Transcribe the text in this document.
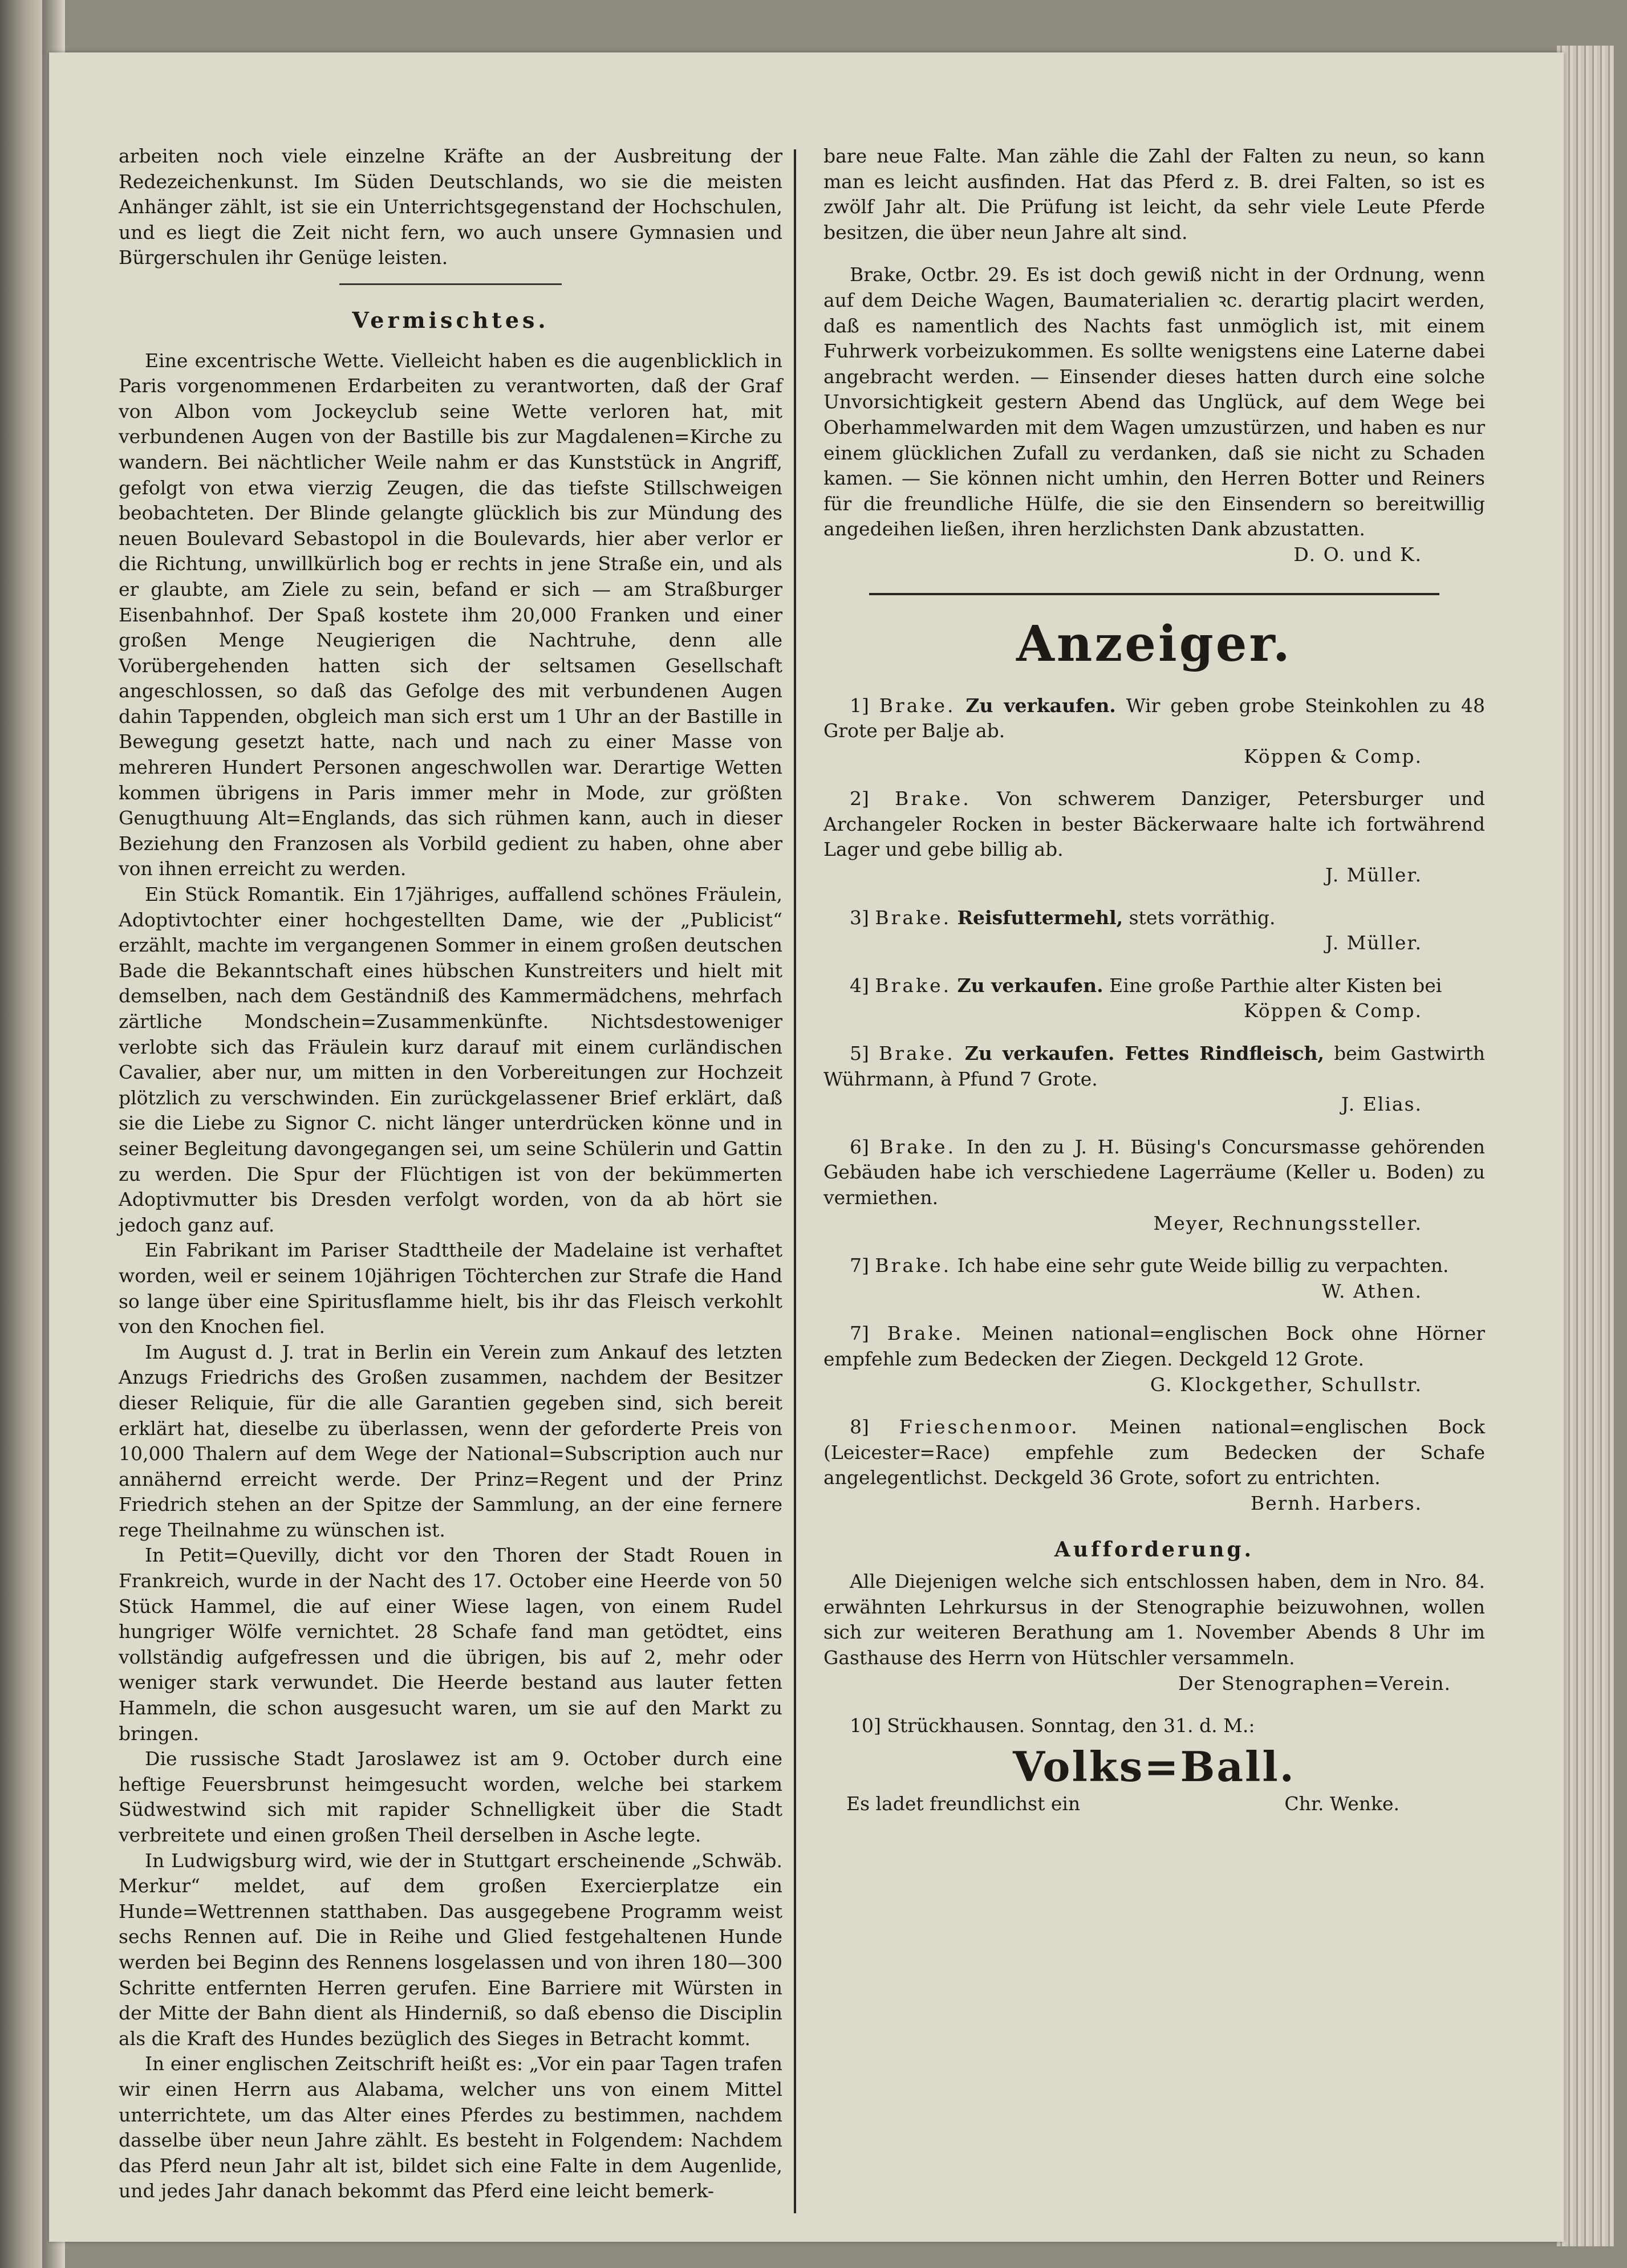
arbeiten noch viele einzelne Kräfte an der Ausbreitung der Redezeichenkunst. Im Süden Deutschlands, wo sie die meisten Anhänger zählt, ist sie ein Unterrichtsgegenstand der Hochschulen, und es liegt die Zeit nicht fern, wo auch unsere Gymnasien und Bürgerschulen ihr Genüge leisten.

Vermischtes.

Eine excentrische Wette. Vielleicht haben es die augenblicklich in Paris vorgenommenen Erdarbeiten zu verantworten, daß der Graf von Albon vom Jockeyclub seine Wette verloren hat, mit verbundenen Augen von der Bastille bis zur Magdalenen=Kirche zu wandern. Bei nächtlicher Weile nahm er das Kunststück in Angriff, gefolgt von etwa vierzig Zeugen, die das tiefste Stillschweigen beobachteten. Der Blinde gelangte glücklich bis zur Mündung des neuen Boulevard Sebastopol in die Boulevards, hier aber verlor er die Richtung, unwillkürlich bog er rechts in jene Straße ein, und als er glaubte, am Ziele zu sein, befand er sich — am Straßburger Eisenbahnhof. Der Spaß kostete ihm 20,000 Franken und einer großen Menge Neugierigen die Nachtruhe, denn alle Vorübergehenden hatten sich der seltsamen Gesellschaft angeschlossen, so daß das Gefolge des mit verbundenen Augen dahin Tappenden, obgleich man sich erst um 1 Uhr an der Bastille in Bewegung gesetzt hatte, nach und nach zu einer Masse von mehreren Hundert Personen angeschwollen war. Derartige Wetten kommen übrigens in Paris immer mehr in Mode, zur größten Genugthuung Alt=Englands, das sich rühmen kann, auch in dieser Beziehung den Franzosen als Vorbild gedient zu haben, ohne aber von ihnen erreicht zu werden.

Ein Stück Romantik. Ein 17jähriges, auffallend schönes Fräulein, Adoptivtochter einer hochgestellten Dame, wie der „Publicist“ erzählt, machte im vergangenen Sommer in einem großen deutschen Bade die Bekanntschaft eines hübschen Kunstreiters und hielt mit demselben, nach dem Geständniß des Kammermädchens, mehrfach zärtliche Mondschein=Zusammenkünfte. Nichtsdestoweniger verlobte sich das Fräulein kurz darauf mit einem curländischen Cavalier, aber nur, um mitten in den Vorbereitungen zur Hochzeit plötzlich zu verschwinden. Ein zurückgelassener Brief erklärt, daß sie die Liebe zu Signor C. nicht länger unterdrücken könne und in seiner Begleitung davongegangen sei, um seine Schülerin und Gattin zu werden. Die Spur der Flüchtigen ist von der bekümmerten Adoptivmutter bis Dresden verfolgt worden, von da ab hört sie jedoch ganz auf.

Ein Fabrikant im Pariser Stadttheile der Madelaine ist verhaftet worden, weil er seinem 10jährigen Töchterchen zur Strafe die Hand so lange über eine Spiritusflamme hielt, bis ihr das Fleisch verkohlt von den Knochen fiel.

Im August d. J. trat in Berlin ein Verein zum Ankauf des letzten Anzugs Friedrichs des Großen zusammen, nachdem der Besitzer dieser Reliquie, für die alle Garantien gegeben sind, sich bereit erklärt hat, dieselbe zu überlassen, wenn der geforderte Preis von 10,000 Thalern auf dem Wege der National=Subscription auch nur annähernd erreicht werde. Der Prinz=Regent und der Prinz Friedrich stehen an der Spitze der Sammlung, an der eine fernere rege Theilnahme zu wünschen ist.

In Petit=Quevilly, dicht vor den Thoren der Stadt Rouen in Frankreich, wurde in der Nacht des 17. October eine Heerde von 50 Stück Hammel, die auf einer Wiese lagen, von einem Rudel hungriger Wölfe vernichtet. 28 Schafe fand man getödtet, eins vollständig aufgefressen und die übrigen, bis auf 2, mehr oder weniger stark verwundet. Die Heerde bestand aus lauter fetten Hammeln, die schon ausgesucht waren, um sie auf den Markt zu bringen.

Die russische Stadt Jaroslawez ist am 9. October durch eine heftige Feuersbrunst heimgesucht worden, welche bei starkem Südwestwind sich mit rapider Schnelligkeit über die Stadt verbreitete und einen großen Theil derselben in Asche legte.

In Ludwigsburg wird, wie der in Stuttgart erscheinende „Schwäb. Merkur“ meldet, auf dem großen Exercierplatze ein Hunde=Wettrennen statthaben. Das ausgegebene Programm weist sechs Rennen auf. Die in Reihe und Glied festgehaltenen Hunde werden bei Beginn des Rennens losgelassen und von ihren 180—300 Schritte entfernten Herren gerufen. Eine Barriere mit Würsten in der Mitte der Bahn dient als Hinderniß, so daß ebenso die Disciplin als die Kraft des Hundes bezüglich des Sieges in Betracht kommt.

In einer englischen Zeitschrift heißt es: „Vor ein paar Tagen trafen wir einen Herrn aus Alabama, welcher uns von einem Mittel unterrichtete, um das Alter eines Pferdes zu bestimmen, nachdem dasselbe über neun Jahre zählt. Es besteht in Folgendem: Nachdem das Pferd neun Jahr alt ist, bildet sich eine Falte in dem Augenlide, und jedes Jahr danach bekommt das Pferd eine leicht bemerk-

bare neue Falte. Man zähle die Zahl der Falten zu neun, so kann man es leicht ausfinden. Hat das Pferd z. B. drei Falten, so ist es zwölf Jahr alt. Die Prüfung ist leicht, da sehr viele Leute Pferde besitzen, die über neun Jahre alt sind.

Brake, Octbr. 29. Es ist doch gewiß nicht in der Ordnung, wenn auf dem Deiche Wagen, Baumaterialien ꝛc. derartig placirt werden, daß es namentlich des Nachts fast unmöglich ist, mit einem Fuhrwerk vorbeizukommen. Es sollte wenigstens eine Laterne dabei angebracht werden. — Einsender dieses hatten durch eine solche Unvorsichtigkeit gestern Abend das Unglück, auf dem Wege bei Oberhammelwarden mit dem Wagen umzustürzen, und haben es nur einem glücklichen Zufall zu verdanken, daß sie nicht zu Schaden kamen. — Sie können nicht umhin, den Herren Botter und Reiners für die freundliche Hülfe, die sie den Einsendern so bereitwillig angedeihen ließen, ihren herzlichsten Dank abzustatten.

D. O. und K.

Anzeiger.

1] Brake. Zu verkaufen. Wir geben grobe Steinkohlen zu 48 Grote per Balje ab.

Köppen & Comp.

2] Brake. Von schwerem Danziger, Petersburger und Archangeler Rocken in bester Bäckerwaare halte ich fortwährend Lager und gebe billig ab.

J. Müller.

3] Brake. Reisfuttermehl, stets vorräthig.

J. Müller.

4] Brake. Zu verkaufen. Eine große Parthie alter Kisten bei

Köppen & Comp.

5] Brake. Zu verkaufen. Fettes Rindfleisch, beim Gastwirth Wührmann, à Pfund 7 Grote.

J. Elias.

6] Brake. In den zu J. H. Büsing's Concursmasse gehörenden Gebäuden habe ich verschiedene Lagerräume (Keller u. Boden) zu vermiethen.

Meyer, Rechnungssteller.

7] Brake. Ich habe eine sehr gute Weide billig zu verpachten.

W. Athen.

7] Brake. Meinen national=englischen Bock ohne Hörner empfehle zum Bedecken der Ziegen. Deckgeld 12 Grote.

G. Klockgether, Schullstr.

8] Frieschenmoor. Meinen national=englischen Bock (Leicester=Race) empfehle zum Bedecken der Schafe angelegentlichst. Deckgeld 36 Grote, sofort zu entrichten.

Bernh. Harbers.

Aufforderung.

Alle Diejenigen welche sich entschlossen haben, dem in Nro. 84. erwähnten Lehrkursus in der Stenographie beizuwohnen, wollen sich zur weiteren Berathung am 1. November Abends 8 Uhr im Gasthause des Herrn von Hütschler versammeln.

Der Stenographen=Verein.

10] Strückhausen. Sonntag, den 31. d. M.:

Volks=Ball.
Es ladet freundlichst ein	Chr. Wenke.
